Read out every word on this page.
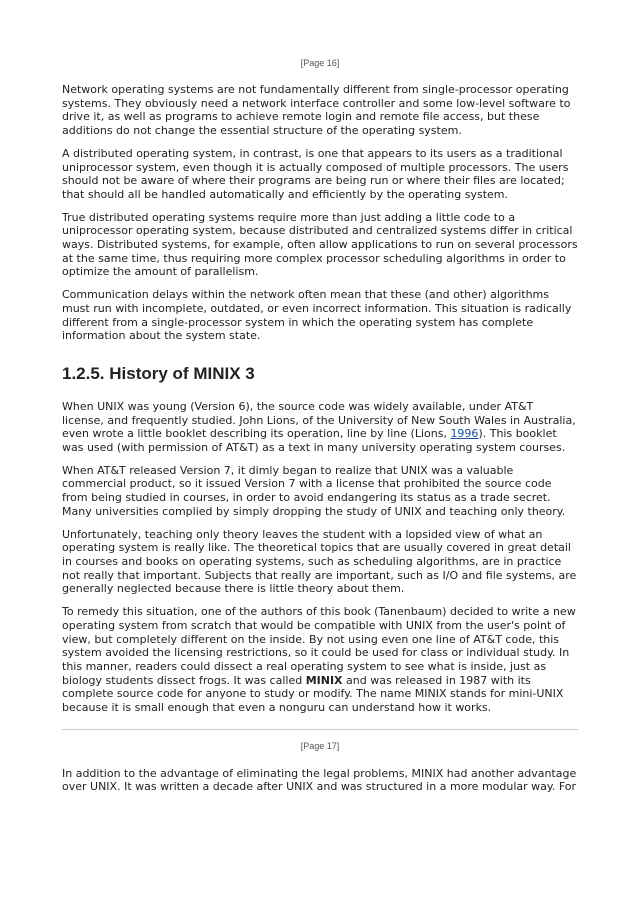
[Page 16]

Network operating systems are not fundamentally different from single-processor operating systems. They obviously need a network interface controller and some low-level software to drive it, as well as programs to achieve remote login and remote file access, but these additions do not change the essential structure of the operating system.

A distributed operating system, in contrast, is one that appears to its users as a traditional uniprocessor system, even though it is actually composed of multiple processors. The users should not be aware of where their programs are being run or where their files are located; that should all be handled automatically and efficiently by the operating system.

True distributed operating systems require more than just adding a little code to a uniprocessor operating system, because distributed and centralized systems differ in critical ways. Distributed systems, for example, often allow applications to run on several processors at the same time, thus requiring more complex processor scheduling algorithms in order to optimize the amount of parallelism.

Communication delays within the network often mean that these (and other) algorithms must run with incomplete, outdated, or even incorrect information. This situation is radically different from a single-processor system in which the operating system has complete information about the system state.

1.2.5. History of MINIX 3

When UNIX was young (Version 6), the source code was widely available, under AT&T license, and frequently studied. John Lions, of the University of New South Wales in Australia, even wrote a little booklet describing its operation, line by line (Lions, 1996). This booklet was used (with permission of AT&T) as a text in many university operating system courses.

When AT&T released Version 7, it dimly began to realize that UNIX was a valuable commercial product, so it issued Version 7 with a license that prohibited the source code from being studied in courses, in order to avoid endangering its status as a trade secret. Many universities complied by simply dropping the study of UNIX and teaching only theory.

Unfortunately, teaching only theory leaves the student with a lopsided view of what an operating system is really like. The theoretical topics that are usually covered in great detail in courses and books on operating systems, such as scheduling algorithms, are in practice not really that important. Subjects that really are important, such as I/O and file systems, are generally neglected because there is little theory about them.

To remedy this situation, one of the authors of this book (Tanenbaum) decided to write a new operating system from scratch that would be compatible with UNIX from the user's point of view, but completely different on the inside. By not using even one line of AT&T code, this system avoided the licensing restrictions, so it could be used for class or individual study. In this manner, readers could dissect a real operating system to see what is inside, just as biology students dissect frogs. It was called MINIX and was released in 1987 with its complete source code for anyone to study or modify. The name MINIX stands for mini-UNIX because it is small enough that even a nonguru can understand how it works.

[Page 17]

In addition to the advantage of eliminating the legal problems, MINIX had another advantage over UNIX. It was written a decade after UNIX and was structured in a more modular way. For
